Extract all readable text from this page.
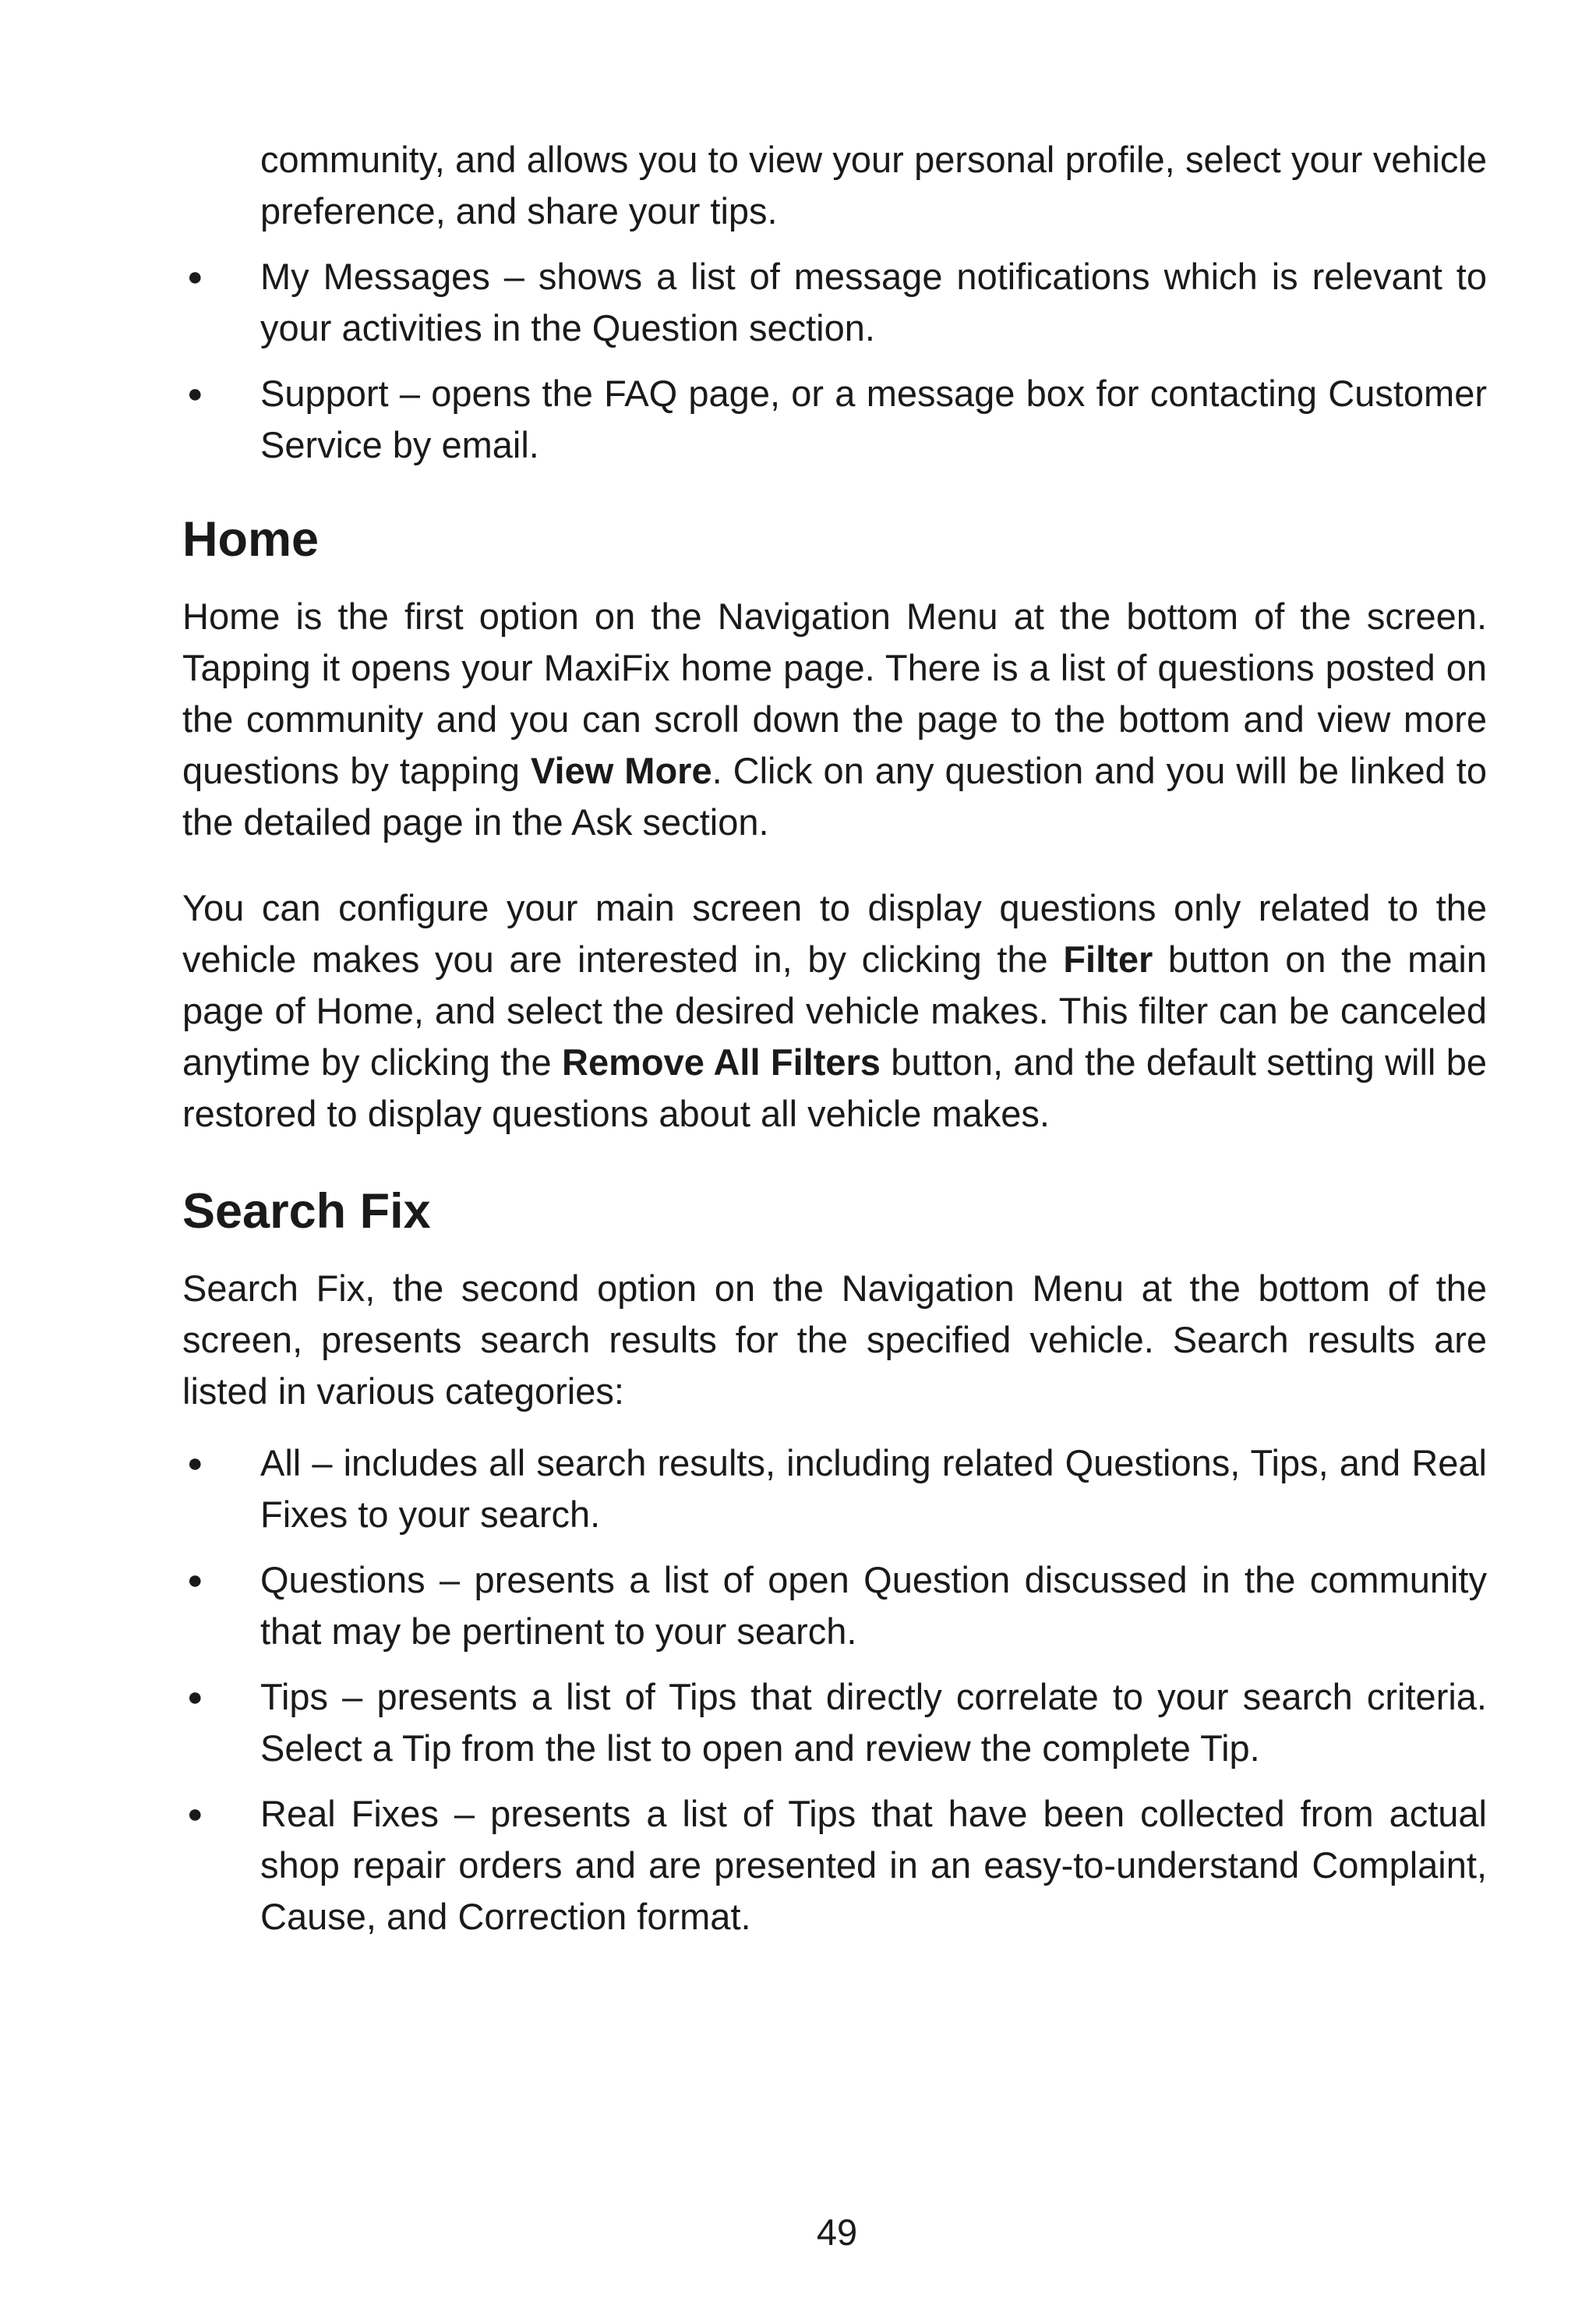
community, and allows you to view your personal profile, select your vehicle preference, and share your tips.

● My Messages – shows a list of message notifications which is relevant to your activities in the Question section.
● Support – opens the FAQ page, or a message box for contacting Customer Service by email.
Home

Home is the first option on the Navigation Menu at the bottom of the screen. Tapping it opens your MaxiFix home page. There is a list of questions posted on the community and you can scroll down the page to the bottom and view more questions by tapping View More. Click on any question and you will be linked to the detailed page in the Ask section.

You can configure your main screen to display questions only related to the vehicle makes you are interested in, by clicking the Filter button on the main page of Home, and select the desired vehicle makes. This filter can be canceled anytime by clicking the Remove All Filters button, and the default setting will be restored to display questions about all vehicle makes.

Search Fix

Search Fix, the second option on the Navigation Menu at the bottom of the screen, presents search results for the specified vehicle. Search results are listed in various categories:

● All – includes all search results, including related Questions, Tips, and Real Fixes to your search.
● Questions – presents a list of open Question discussed in the community that may be pertinent to your search.
● Tips – presents a list of Tips that directly correlate to your search criteria. Select a Tip from the list to open and review the complete Tip.
● Real Fixes – presents a list of Tips that have been collected from actual shop repair orders and are presented in an easy-to-understand Complaint, Cause, and Correction format.
49
